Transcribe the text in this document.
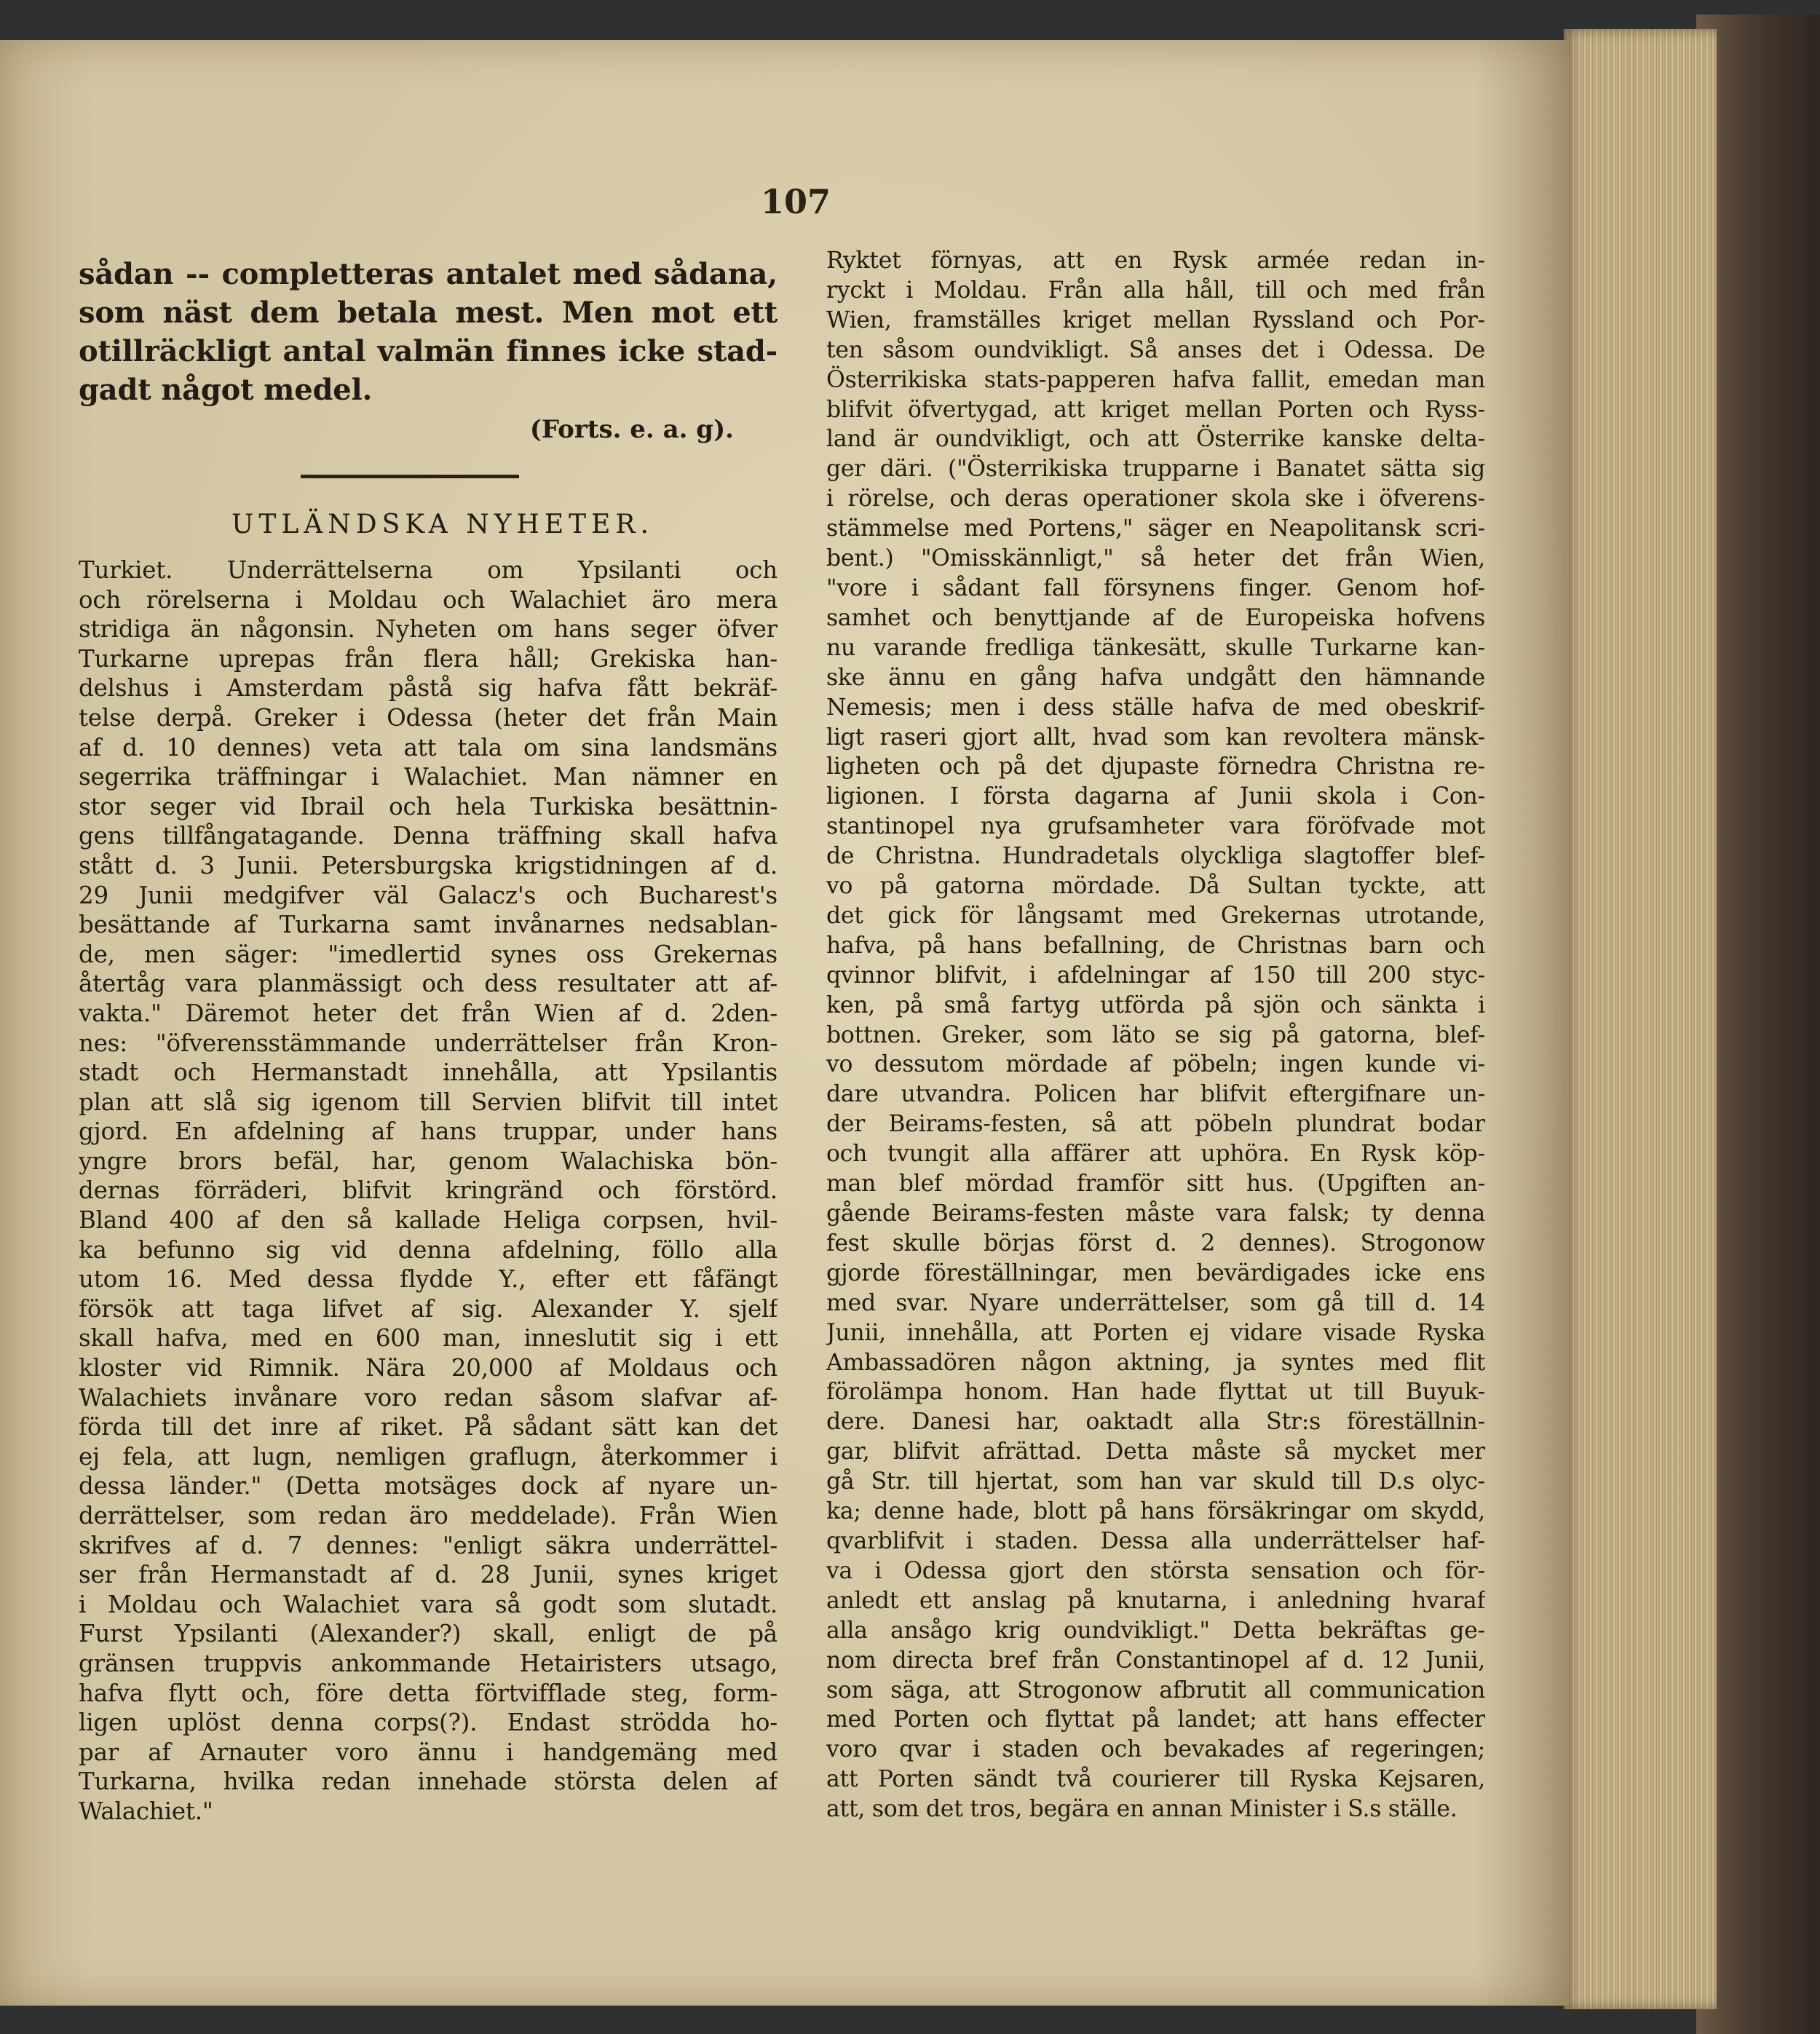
107
sådan -- completteras antalet med sådana,
som näst dem betala mest. Men mot ett
otillräckligt antal valmän finnes icke stad-
gadt något medel.
(Forts. e. a. g).
UTLÄNDSKA NYHETER.
Turkiet. Underrättelserna om Ypsilanti och
och rörelserna i Moldau och Walachiet äro mera
stridiga än någonsin. Nyheten om hans seger öfver
Turkarne uprepas från flera håll; Grekiska han-
delshus i Amsterdam påstå sig hafva fått bekräf-
telse derpå. Greker i Odessa (heter det från Main
af d. 10 dennes) veta att tala om sina landsmäns
segerrika träffningar i Walachiet. Man nämner en
stor seger vid Ibrail och hela Turkiska besättnin-
gens tillfångatagande. Denna träffning skall hafva
stått d. 3 Junii. Petersburgska krigstidningen af d.
29 Junii medgifver väl Galacz's och Bucharest's
besättande af Turkarna samt invånarnes nedsablan-
de, men säger: "imedlertid synes oss Grekernas
återtåg vara planmässigt och dess resultater att af-
vakta." Däremot heter det från Wien af d. 2den-
nes: "öfverensstämmande underrättelser från Kron-
stadt och Hermanstadt innehålla, att Ypsilantis
plan att slå sig igenom till Servien blifvit till intet
gjord. En afdelning af hans truppar, under hans
yngre brors befäl, har, genom Walachiska bön-
dernas förräderi, blifvit kringränd och förstörd.
Bland 400 af den så kallade Heliga corpsen, hvil-
ka befunno sig vid denna afdelning, föllo alla
utom 16. Med dessa flydde Y., efter ett fåfängt
försök att taga lifvet af sig. Alexander Y. sjelf
skall hafva, med en 600 man, inneslutit sig i ett
kloster vid Rimnik. Nära 20,000 af Moldaus och
Walachiets invånare voro redan såsom slafvar af-
förda till det inre af riket. På sådant sätt kan det
ej fela, att lugn, nemligen graflugn, återkommer i
dessa länder." (Detta motsäges dock af nyare un-
derrättelser, som redan äro meddelade). Från Wien
skrifves af d. 7 dennes: "enligt säkra underrättel-
ser från Hermanstadt af d. 28 Junii, synes kriget
i Moldau och Walachiet vara så godt som slutadt.
Furst Ypsilanti (Alexander?) skall, enligt de på
gränsen truppvis ankommande Hetairisters utsago,
hafva flytt och, före detta förtvifflade steg, form-
ligen uplöst denna corps(?). Endast strödda ho-
par af Arnauter voro ännu i handgemäng med
Turkarna, hvilka redan innehade största delen af
Walachiet."
Ryktet förnyas, att en Rysk armée redan in-
ryckt i Moldau. Från alla håll, till och med från
Wien, framställes kriget mellan Ryssland och Por-
ten såsom oundvikligt. Så anses det i Odessa. De
Österrikiska stats-papperen hafva fallit, emedan man
blifvit öfvertygad, att kriget mellan Porten och Ryss-
land är oundvikligt, och att Österrike kanske delta-
ger däri. ("Österrikiska trupparne i Banatet sätta sig
i rörelse, och deras operationer skola ske i öfverens-
stämmelse med Portens," säger en Neapolitansk scri-
bent.) "Omisskännligt," så heter det från Wien,
"vore i sådant fall försynens finger. Genom hof-
samhet och benyttjande af de Europeiska hofvens
nu varande fredliga tänkesätt, skulle Turkarne kan-
ske ännu en gång hafva undgått den hämnande
Nemesis; men i dess ställe hafva de med obeskrif-
ligt raseri gjort allt, hvad som kan revoltera mänsk-
ligheten och på det djupaste förnedra Christna re-
ligionen. I första dagarna af Junii skola i Con-
stantinopel nya grufsamheter vara föröfvade mot
de Christna. Hundradetals olyckliga slagtoffer blef-
vo på gatorna mördade. Då Sultan tyckte, att
det gick för långsamt med Grekernas utrotande,
hafva, på hans befallning, de Christnas barn och
qvinnor blifvit, i afdelningar af 150 till 200 styc-
ken, på små fartyg utförda på sjön och sänkta i
bottnen. Greker, som läto se sig på gatorna, blef-
vo dessutom mördade af pöbeln; ingen kunde vi-
dare utvandra. Policen har blifvit eftergifnare un-
der Beirams-festen, så att pöbeln plundrat bodar
och tvungit alla affärer att uphöra. En Rysk köp-
man blef mördad framför sitt hus. (Upgiften an-
gående Beirams-festen måste vara falsk; ty denna
fest skulle börjas först d. 2 dennes). Strogonow
gjorde föreställningar, men bevärdigades icke ens
med svar. Nyare underrättelser, som gå till d. 14
Junii, innehålla, att Porten ej vidare visade Ryska
Ambassadören någon aktning, ja syntes med flit
förolämpa honom. Han hade flyttat ut till Buyuk-
dere. Danesi har, oaktadt alla Str:s föreställnin-
gar, blifvit afrättad. Detta måste så mycket mer
gå Str. till hjertat, som han var skuld till D.s olyc-
ka; denne hade, blott på hans försäkringar om skydd,
qvarblifvit i staden. Dessa alla underrättelser haf-
va i Odessa gjort den största sensation och för-
anledt ett anslag på knutarna, i anledning hvaraf
alla ansågo krig oundvikligt." Detta bekräftas ge-
nom directa bref från Constantinopel af d. 12 Junii,
som säga, att Strogonow afbrutit all communication
med Porten och flyttat på landet; att hans effecter
voro qvar i staden och bevakades af regeringen;
att Porten sändt två courierer till Ryska Kejsaren,
att, som det tros, begära en annan Minister i S.s ställe.
